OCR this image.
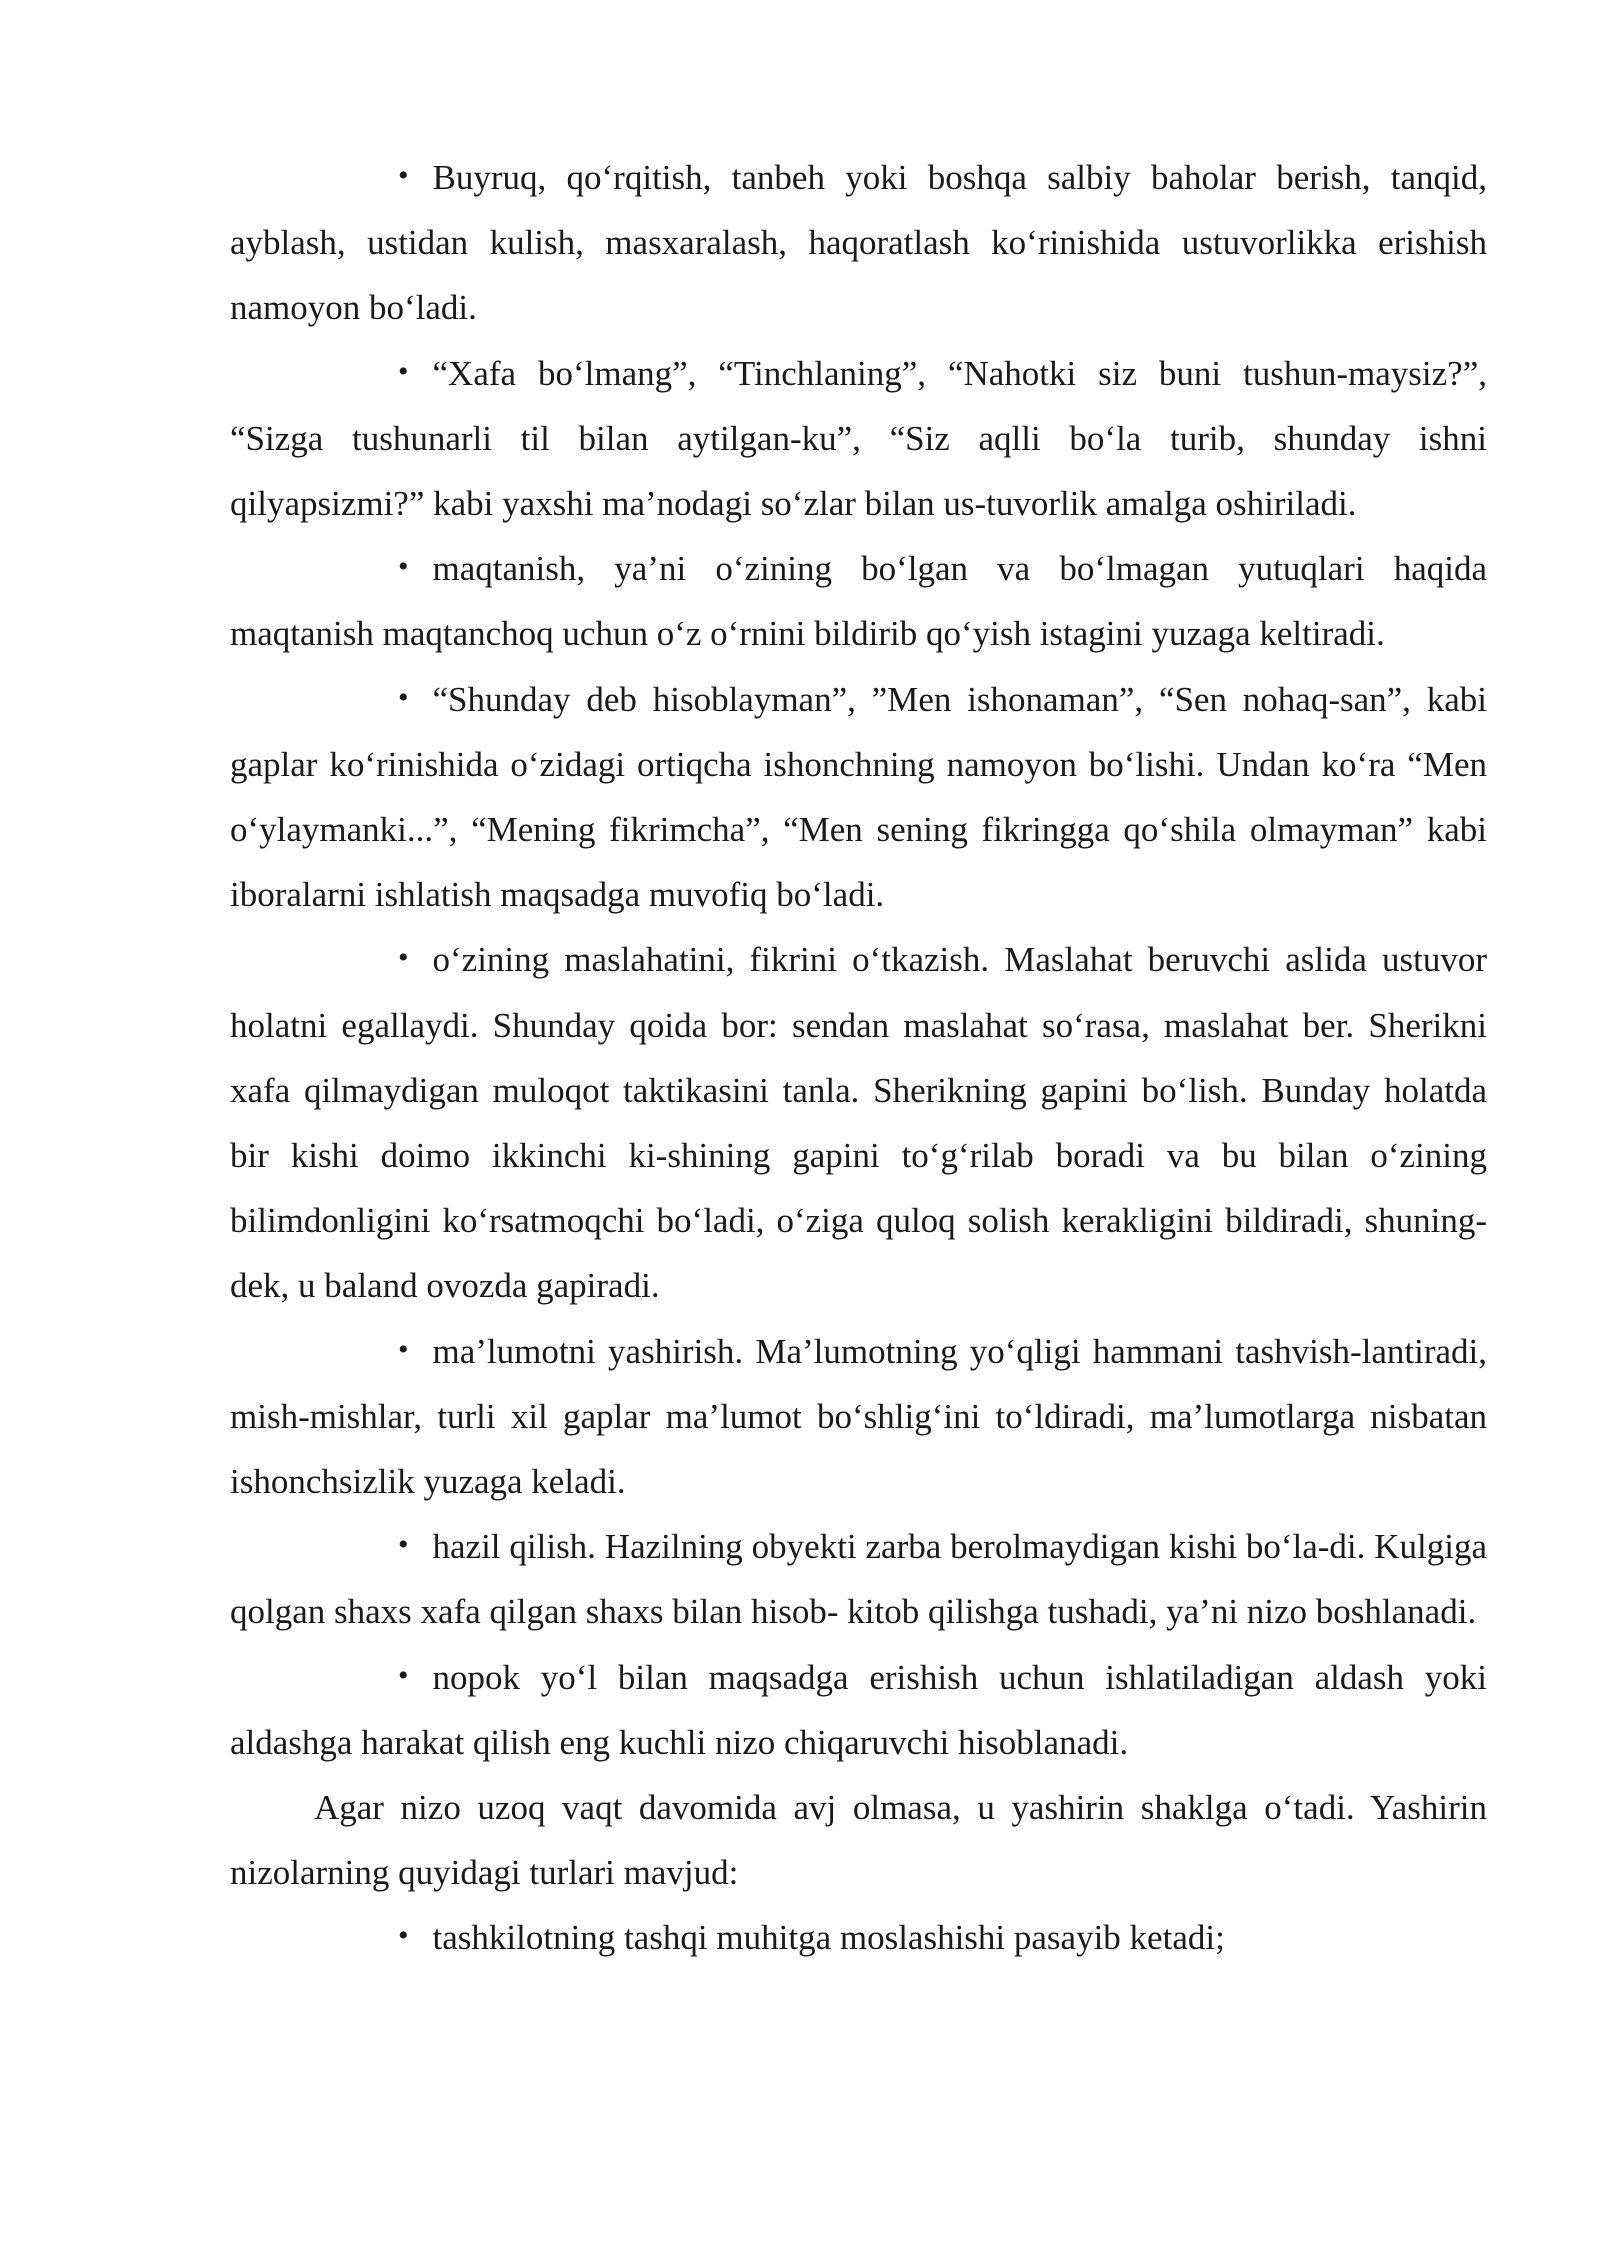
• Buyruq, qo‘rqitish, tanbeh yoki boshqa salbiy baholar berish, tanqid, ayblash, ustidan kulish, masxaralash, haqoratlash ko‘rinishida ustuvorlikka erishish namoyon bo‘ladi.

• “Xafa bo‘lmang”, “Tinchlaning”, “Nahotki siz buni tushun-maysiz?”, “Sizga tushunarli til bilan aytilgan-ku”, “Siz aqlli bo‘la turib, shunday ishni qilyapsizmi?” kabi yaxshi ma’nodagi so‘zlar bilan us-tuvorlik amalga oshiriladi.

• maqtanish, ya’ni o‘zining bo‘lgan va bo‘lmagan yutuqlari haqida maqtanish maqtanchoq uchun o‘z o‘rnini bildirib qo‘yish istagini yuzaga keltiradi.

• “Shunday deb hisoblayman”, ”Men ishonaman”, “Sen nohaq-san”, kabi gaplar ko‘rinishida o‘zidagi ortiqcha ishonchning namoyon bo‘lishi. Undan ko‘ra “Men o‘ylaymanki...”, “Mening fikrimcha”, “Men sening fikringga qo‘shila olmayman” kabi iboralarni ishlatish maqsadga muvofiq bo‘ladi.

• o‘zining maslahatini, fikrini o‘tkazish. Maslahat beruvchi aslida ustuvor holatni egallaydi. Shunday qoida bor: sendan maslahat so‘rasa, maslahat ber. Sherikni xafa qilmaydigan muloqot taktikasini tanla. Sherikning gapini bo‘lish. Bunday holatda bir kishi doimo ikkinchi ki-shining gapini to‘g‘rilab boradi va bu bilan o‘zining bilimdonligini ko‘rsatmoqchi bo‘ladi, o‘ziga quloq solish kerakligini bildiradi, shuning-dek, u baland ovozda gapiradi.

• ma’lumotni yashirish. Ma’lumotning yo‘qligi hammani tashvish-lantiradi, mish-mishlar, turli xil gaplar ma’lumot bo‘shlig‘ini to‘ldiradi, ma’lumotlarga nisbatan ishonchsizlik yuzaga keladi.

• hazil qilish. Hazilning obyekti zarba berolmaydigan kishi bo‘la-di. Kulgiga qolgan shaxs xafa qilgan shaxs bilan hisob- kitob qilishga tushadi, ya’ni nizo boshlanadi.

• nopok yo‘l bilan maqsadga erishish uchun ishlatiladigan aldash yoki aldashga harakat qilish eng kuchli nizo chiqaruvchi hisoblanadi.

Agar nizo uzoq vaqt davomida avj olmasa, u yashirin shaklga o‘tadi. Yashirin nizolarning quyidagi turlari mavjud:

• tashkilotning tashqi muhitga moslashishi pasayib ketadi;
